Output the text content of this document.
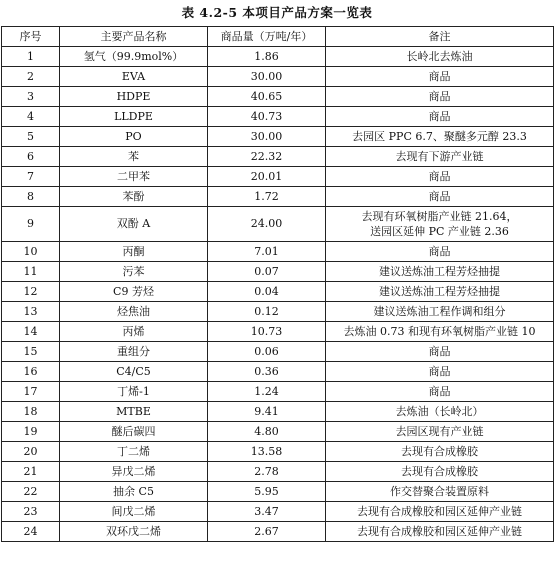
表 4.2-5 本项目产品方案一览表
序号	主要产品名称	商品量（万吨/年）	备注
1	氢气（99.9mol%）	1.86	长岭北去炼油

2	EVA	30.00	商品

3	HDPE	40.65	商品

4	LLDPE	40.73	商品

5	PO	30.00	去园区 PPC 6.7、聚醚多元醇 23.3

6	苯	22.32	去现有下游产业链

7	二甲苯	20.01	商品

8	苯酚	1.72	商品

9	双酚 A	24.00	去现有环氧树脂产业链 21.64，
送园区延伸 PC 产业链 2.36

10	丙酮	7.01	商品

11	污苯	0.07	建议送炼油工程芳烃抽提

12	C9 芳烃	0.04	建议送炼油工程芳烃抽提

13	烃焦油	0.12	建议送炼油工程作调和组分

14	丙烯	10.73	去炼油 0.73 和现有环氧树脂产业链 10

15	重组分	0.06	商品

16	C4/C5	0.36	商品

17	丁烯-1	1.24	商品

18	MTBE	9.41	去炼油（长岭北）

19	醚后碳四	4.80	去园区现有产业链

20	丁二烯	13.58	去现有合成橡胶

21	异戊二烯	2.78	去现有合成橡胶

22	抽余 C5	5.95	作交替聚合装置原料

23	间戊二烯	3.47	去现有合成橡胶和园区延伸产业链

24	双环戊二烯	2.67	去现有合成橡胶和园区延伸产业链
